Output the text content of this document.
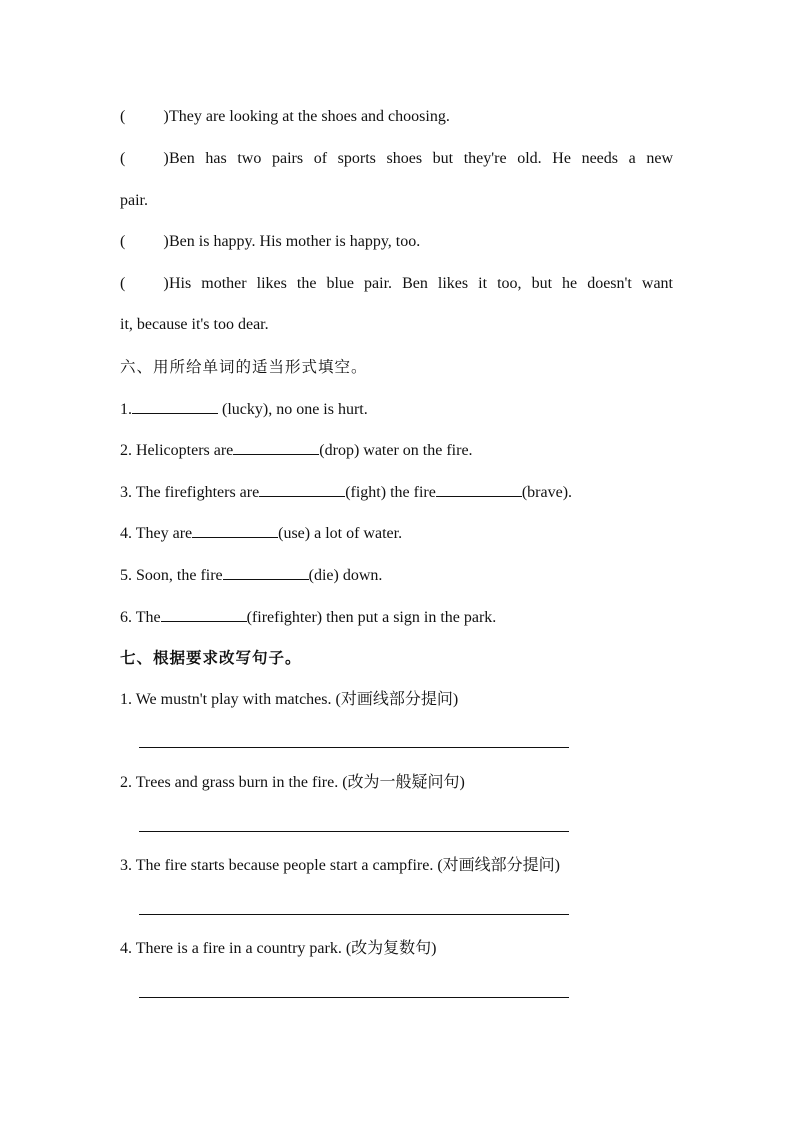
( )They are looking at the shoes and choosing.
( )Ben has two pairs of sports shoes but they're old. He needs a new
pair.
( )Ben is happy. His mother is happy, too.
( )His mother likes the blue pair. Ben likes it too, but he doesn't want
it, because it's too dear.
六、用所给单词的适当形式填空。
1.	(lucky), no one is hurt.
2. Helicopters are	(drop) water on the fire.
3. The firefighters are	(fight) the fire	(brave).
4. They are	(use) a lot of water.
5. Soon, the fire	(die) down.
6. The	(firefighter) then put a sign in the park.
七、根据要求改写句子。
1. We mustn't play with matches. (对画线部分提问)
2. Trees and grass burn in the fire. (改为一般疑问句)
3. The fire starts because people start a campfire. (对画线部分提问)
4. There is a fire in a country park. (改为复数句)
